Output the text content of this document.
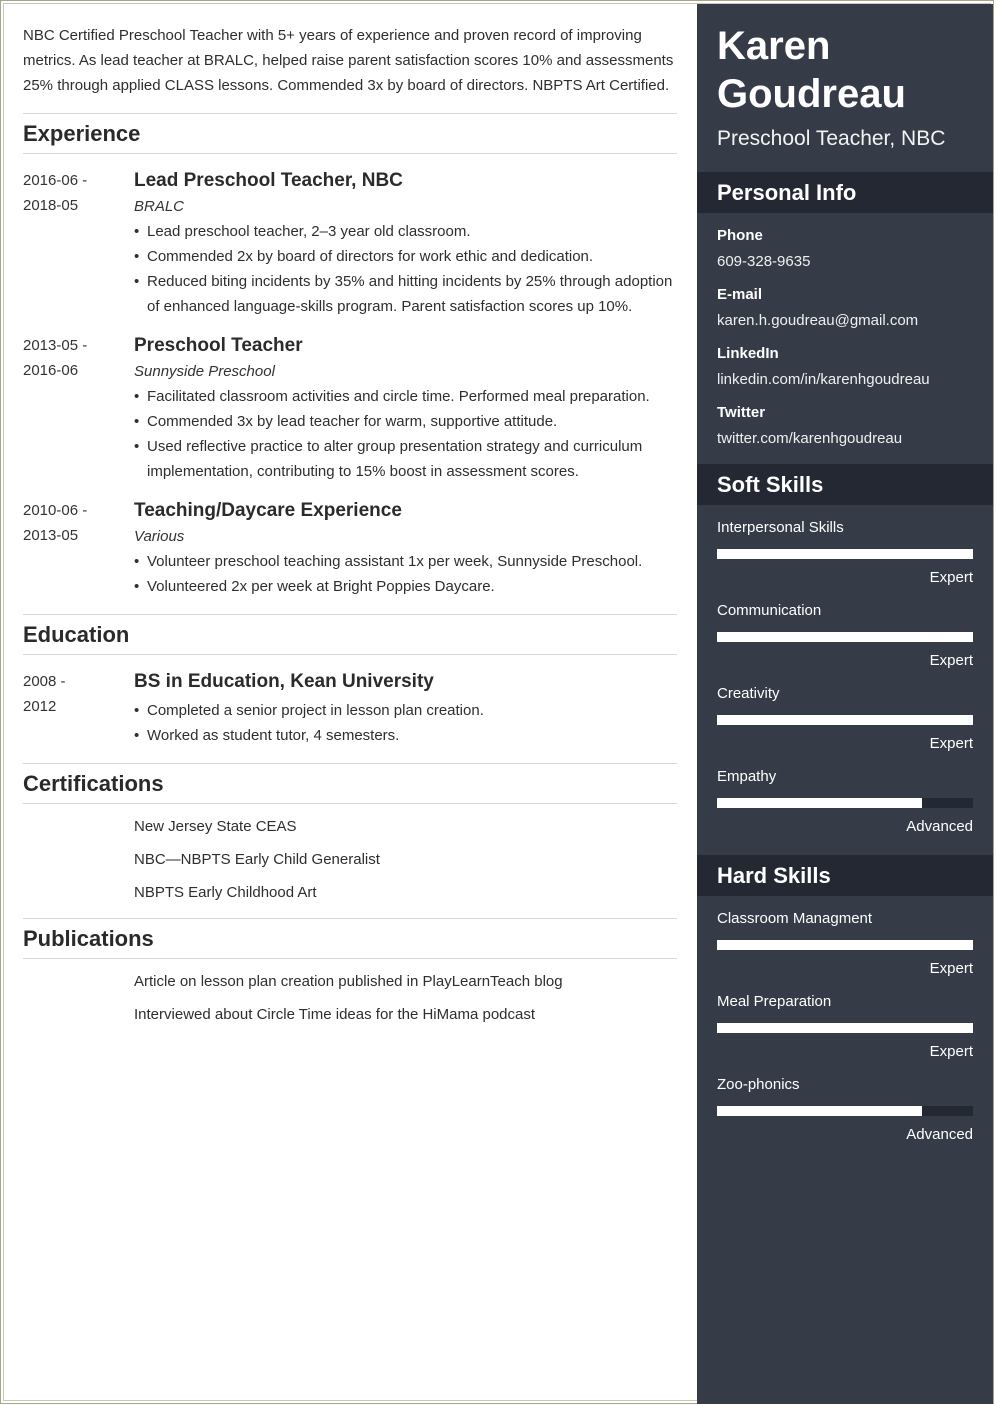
NBC Certified Preschool Teacher with 5+ years of experience and proven record of improving metrics. As lead teacher at BRALC, helped raise parent satisfaction scores 10% and assessments 25% through applied CLASS lessons. Commended 3x by board of directors. NBPTS Art Certified.

Experience
2016-06 -
2018-05
Lead Preschool Teacher, NBC
BRALC
• Lead preschool teacher, 2–3 year old classroom.
• Commended 2x by board of directors for work ethic and dedication.
• Reduced biting incidents by 35% and hitting incidents by 25% through adoption of enhanced language-skills program. Parent satisfaction scores up 10%.
2013-05 -
2016-06
Preschool Teacher
Sunnyside Preschool
• Facilitated classroom activities and circle time. Performed meal preparation.
• Commended 3x by lead teacher for warm, supportive attitude.
• Used reflective practice to alter group presentation strategy and curriculum implementation, contributing to 15% boost in assessment scores.
2010-06 -
2013-05
Teaching/Daycare Experience
Various
• Volunteer preschool teaching assistant 1x per week, Sunnyside Preschool.
• Volunteered 2x per week at Bright Poppies Daycare.
Education
2008 -
2012
BS in Education, Kean University
• Completed a senior project in lesson plan creation.
• Worked as student tutor, 4 semesters.
Certifications
New Jersey State CEAS
NBC—NBPTS Early Child Generalist
NBPTS Early Childhood Art
Publications
Article on lesson plan creation published in PlayLearnTeach blog
Interviewed about Circle Time ideas for the HiMama podcast
Karen
Goudreau
Preschool Teacher, NBC
Personal Info
Phone
609-328-9635
E-mail
karen.h.goudreau@gmail.com
LinkedIn
linkedin.com/in/karenhgoudreau
Twitter
twitter.com/karenhgoudreau
Soft Skills
Interpersonal Skills
Expert
Communication
Expert
Creativity
Expert
Empathy
Advanced
Hard Skills
Classroom Managment
Expert
Meal Preparation
Expert
Zoo-phonics
Advanced
